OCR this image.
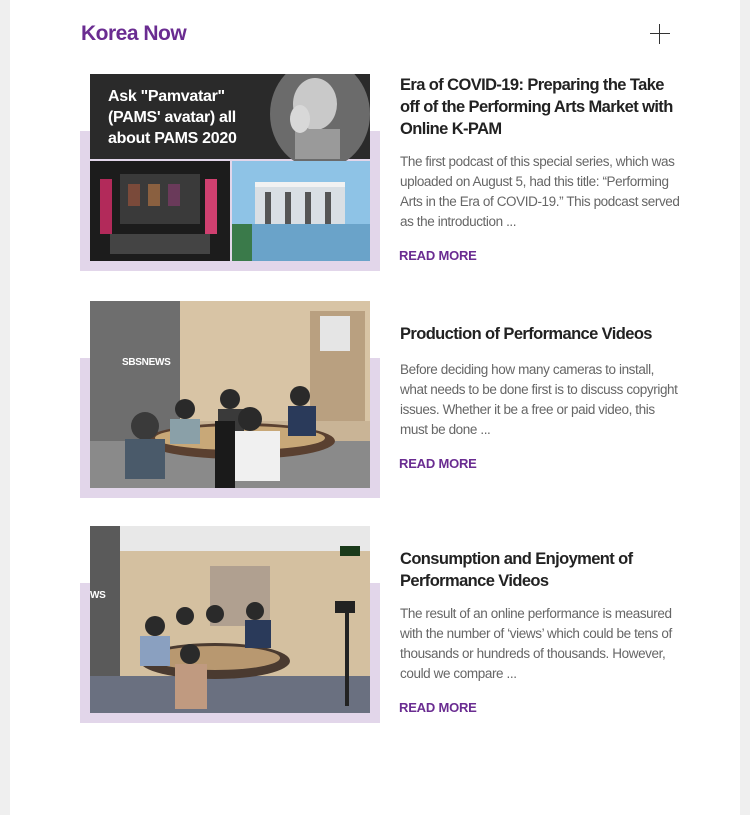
Korea Now
Ask "Pamvatar" (PAMS' avatar) all about PAMS 2020
Era of COVID-19: Preparing the Take off of the Performing Arts Market with Online K-PAM
The first podcast of this special series, which was uploaded on August 5, had this title: “Performing Arts in the Era of COVID-19.” This podcast served as the introduction ...
READ MORE
SBSNEWS
Production of Performance Videos
Before deciding how many cameras to install, what needs to be done first is to discuss copyright issues. Whether it be a free or paid video, this must be done ...
READ MORE
WS
Consumption and Enjoyment of Performance Videos
The result of an online performance is measured with the number of ‘views’ which could be tens of thousands or hundreds of thousands. However, could we compare ...
READ MORE
